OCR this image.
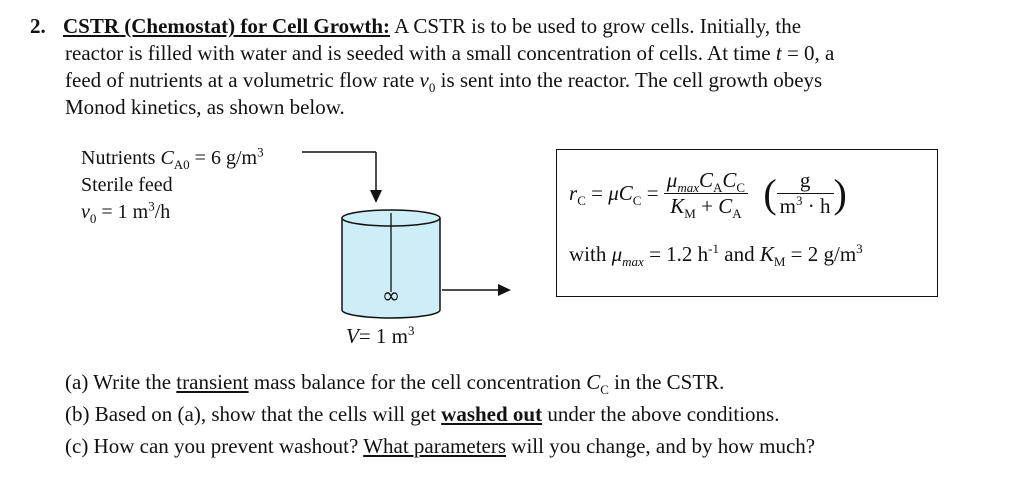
2. CSTR (Chemostat) for Cell Growth: A CSTR is to be used to grow cells. Initially, the
reactor is filled with water and is seeded with a small concentration of cells. At time t = 0, a
feed of nutrients at a volumetric flow rate $v_0$ is sent into the reactor. The cell growth obeys
Monod kinetics, as shown below.
Nutrients $C_{A0} = 6$ $g/m^3$
Sterile feed
$v_0 = 1$ $m^3/h$
∞
V= 1 $m^3$
$r_C = \mu C_C = \frac{\mu_{max}C_AC_C}{K_M + C_A}$ ( $\frac{g}{m^3 \cdot h}$ )
with $\mu_{max} = 1.2$ $h^{-1}$ and $K_M = 2$ $g/m^3$
(a) Write the transient mass balance for the cell concentration $C_C$ in the CSTR.
(b) Based on (a), show that the cells will get washed out under the above conditions.
(c) How can you prevent washout? What parameters will you change, and by how much?
